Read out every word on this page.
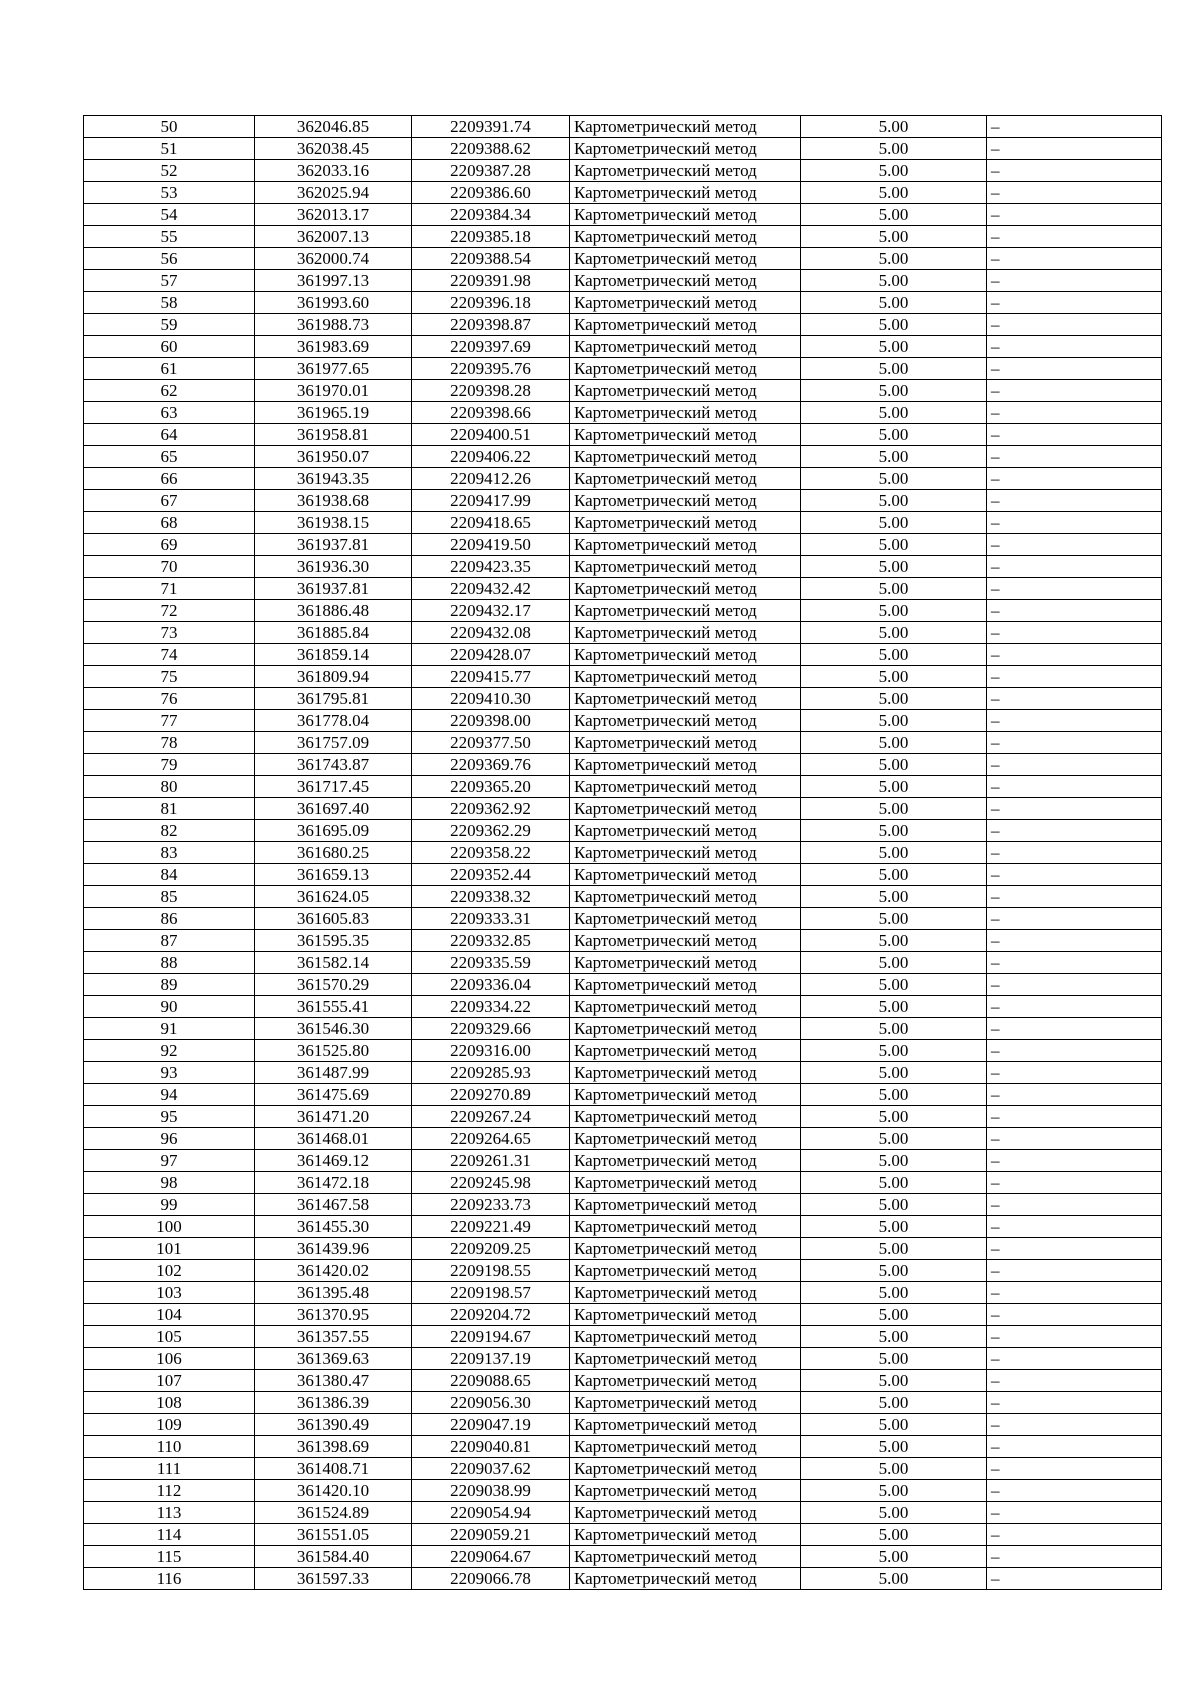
50	362046.85	2209391.74	Картометрический метод	5.00	–
51	362038.45	2209388.62	Картометрический метод	5.00	–
52	362033.16	2209387.28	Картометрический метод	5.00	–
53	362025.94	2209386.60	Картометрический метод	5.00	–
54	362013.17	2209384.34	Картометрический метод	5.00	–
55	362007.13	2209385.18	Картометрический метод	5.00	–
56	362000.74	2209388.54	Картометрический метод	5.00	–
57	361997.13	2209391.98	Картометрический метод	5.00	–
58	361993.60	2209396.18	Картометрический метод	5.00	–
59	361988.73	2209398.87	Картометрический метод	5.00	–
60	361983.69	2209397.69	Картометрический метод	5.00	–
61	361977.65	2209395.76	Картометрический метод	5.00	–
62	361970.01	2209398.28	Картометрический метод	5.00	–
63	361965.19	2209398.66	Картометрический метод	5.00	–
64	361958.81	2209400.51	Картометрический метод	5.00	–
65	361950.07	2209406.22	Картометрический метод	5.00	–
66	361943.35	2209412.26	Картометрический метод	5.00	–
67	361938.68	2209417.99	Картометрический метод	5.00	–
68	361938.15	2209418.65	Картометрический метод	5.00	–
69	361937.81	2209419.50	Картометрический метод	5.00	–
70	361936.30	2209423.35	Картометрический метод	5.00	–
71	361937.81	2209432.42	Картометрический метод	5.00	–
72	361886.48	2209432.17	Картометрический метод	5.00	–
73	361885.84	2209432.08	Картометрический метод	5.00	–
74	361859.14	2209428.07	Картометрический метод	5.00	–
75	361809.94	2209415.77	Картометрический метод	5.00	–
76	361795.81	2209410.30	Картометрический метод	5.00	–
77	361778.04	2209398.00	Картометрический метод	5.00	–
78	361757.09	2209377.50	Картометрический метод	5.00	–
79	361743.87	2209369.76	Картометрический метод	5.00	–
80	361717.45	2209365.20	Картометрический метод	5.00	–
81	361697.40	2209362.92	Картометрический метод	5.00	–
82	361695.09	2209362.29	Картометрический метод	5.00	–
83	361680.25	2209358.22	Картометрический метод	5.00	–
84	361659.13	2209352.44	Картометрический метод	5.00	–
85	361624.05	2209338.32	Картометрический метод	5.00	–
86	361605.83	2209333.31	Картометрический метод	5.00	–
87	361595.35	2209332.85	Картометрический метод	5.00	–
88	361582.14	2209335.59	Картометрический метод	5.00	–
89	361570.29	2209336.04	Картометрический метод	5.00	–
90	361555.41	2209334.22	Картометрический метод	5.00	–
91	361546.30	2209329.66	Картометрический метод	5.00	–
92	361525.80	2209316.00	Картометрический метод	5.00	–
93	361487.99	2209285.93	Картометрический метод	5.00	–
94	361475.69	2209270.89	Картометрический метод	5.00	–
95	361471.20	2209267.24	Картометрический метод	5.00	–
96	361468.01	2209264.65	Картометрический метод	5.00	–
97	361469.12	2209261.31	Картометрический метод	5.00	–
98	361472.18	2209245.98	Картометрический метод	5.00	–
99	361467.58	2209233.73	Картометрический метод	5.00	–
100	361455.30	2209221.49	Картометрический метод	5.00	–
101	361439.96	2209209.25	Картометрический метод	5.00	–
102	361420.02	2209198.55	Картометрический метод	5.00	–
103	361395.48	2209198.57	Картометрический метод	5.00	–
104	361370.95	2209204.72	Картометрический метод	5.00	–
105	361357.55	2209194.67	Картометрический метод	5.00	–
106	361369.63	2209137.19	Картометрический метод	5.00	–
107	361380.47	2209088.65	Картометрический метод	5.00	–
108	361386.39	2209056.30	Картометрический метод	5.00	–
109	361390.49	2209047.19	Картометрический метод	5.00	–
110	361398.69	2209040.81	Картометрический метод	5.00	–
111	361408.71	2209037.62	Картометрический метод	5.00	–
112	361420.10	2209038.99	Картометрический метод	5.00	–
113	361524.89	2209054.94	Картометрический метод	5.00	–
114	361551.05	2209059.21	Картометрический метод	5.00	–
115	361584.40	2209064.67	Картометрический метод	5.00	–
116	361597.33	2209066.78	Картометрический метод	5.00	–
